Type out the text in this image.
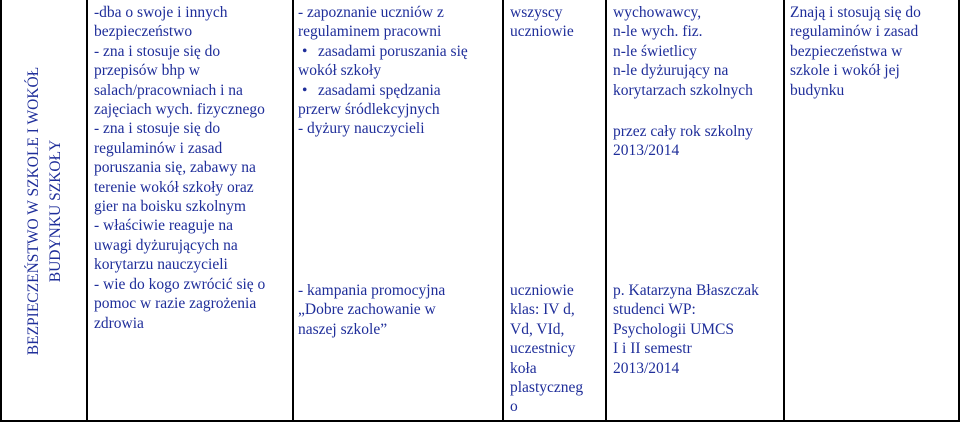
BEZPIECZEŃSTWO W SZKOLE I WOKÓŁ BUDYNKU SZKOŁY
-dba o swoje i innych
bezpieczeństwo
- zna i stosuje się do
przepisów bhp w
salach/pracowniach i na
zajęciach wych. fizycznego
- zna i stosuje się do
regulaminów i zasad
poruszania się, zabawy na
terenie wokół szkoły oraz
gier na boisku szkolnym
- właściwie reaguje na
uwagi dyżurujących na
korytarzu nauczycieli
- wie do kogo zwrócić się o
pomoc w razie zagrożenia
zdrowia
- zapoznanie uczniów z
regulaminem pracowni
• zasadami poruszania się
wokół szkoły
• zasadami spędzania
przerw śródlekcyjnych
- dyżury nauczycieli
- kampania promocyjna
„Dobre zachowanie w
naszej szkole”
wszyscy
uczniowie
uczniowie
klas: IV d,
Vd, VId,
uczestnicy
koła
plastyczneg
o
wychowawcy,
n-le wych. fiz.
n-le świetlicy
n-le dyżurujący na
korytarzach szkolnych
przez cały rok szkolny
2013/2014
p. Katarzyna Błaszczak
studenci WP:
Psychologii UMCS
I i II semestr
2013/2014
Znają i stosują się do
regulaminów i zasad
bezpieczeństwa w
szkole i wokół jej
budynku
